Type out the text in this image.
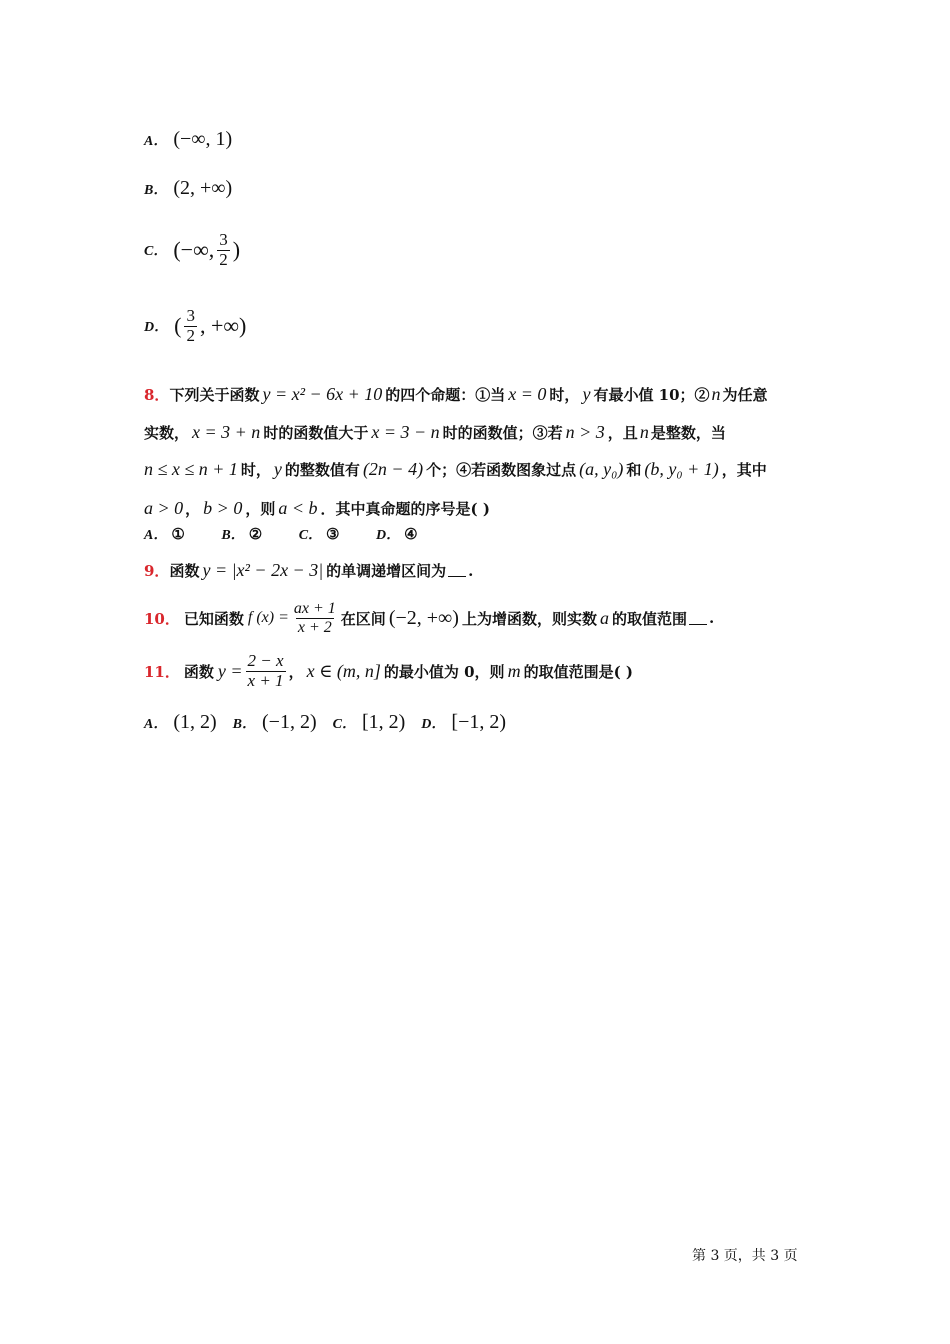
A． (−∞, 1)
B． (2, +∞)
C． (−∞, $\frac{3}{2}$ )
D． ( $\frac{3}{2}$ , +∞)
8． 下列关于函数 y = x² − 6x + 10 的四个命题：①当 x = 0 时， y 有最小值 10；② n 为任意
实数， x = 3 + n 时的函数值大于 x = 3 − n 时的函数值；③若 n > 3 ，且 n 是整数，当
n ≤ x ≤ n + 1 时， y 的整数值有 (2n − 4) 个；④若函数图象过点 (a, y₀) 和 (b, y₀ + 1) ，其中
a > 0 ， b > 0 ，则 a < b ．其中真命题的序号是( )
A． ①	B． ②	C． ③	D． ④
9． 函数 y = |x² − 2x − 3| 的单调递增区间为 .
10． 已知函数 f $(x) = \frac{ax + 1}{x + 2}$ 在区间 (−2, +∞) 上为增函数，则实数 a 的取值范围 .
11． 函数 $y = \frac{2 - x}{x + 1}$ ， x ∈ (m, n] 的最小值为 0，则 m 的取值范围是( )
A． (1, 2) B． (−1, 2) C． [1, 2) D． [−1, 2)
第 3 页，共 3 页
